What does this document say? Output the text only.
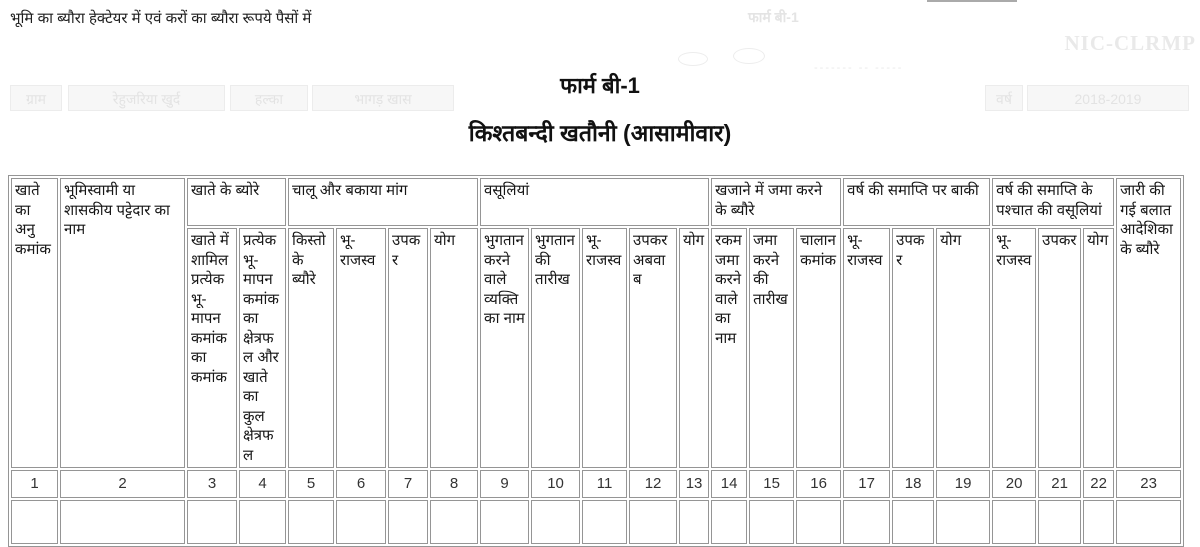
भूमि का ब्यौरा हेक्टेयर में एवं करों का ब्यौरा रूपये पैसों में	फार्म बी-1
NIC-CLRMP
------- -- -----
ग्राम	रेहुजरिया खुर्द	हल्का	भागड़ खास	वर्ष	2018-2019
फार्म बी-1
किश्तबन्दी खतौनी (आसामीवार)
खाते का अनु कमांक	भूमिस्वामी या शासकीय पट्टेदार का नाम	खाते के ब्योरे		चालू और बकाया मांग				वसूलियां					खजाने में जमा करने के ब्यौरे			वर्ष की समाप्ति पर बाकी			वर्ष की समाप्ति के पश्चात की वसूलियां			जारी की गई बलात आदेशिका के ब्यौरे
		खाते में शामिल प्रत्येक भू-मापन कमांक का कमांक	प्रत्येक भू-मापन कमांक का क्षेत्रफल और खाते का कुल क्षेत्रफल	किस्तो के ब्यौरे	भू-राजस्व	उपकर	योग	भुगतान करने वाले व्यक्ति का नाम	भुगतान की तारीख	भू-राजस्व	उपकर अबवाब	योग	रकम जमा करने वाले का नाम	जमा करने की तारीख	चालान कमांक	भू-राजस्व	उपकर	योग	भू-राजस्व	उपकर	योग	
1	2	3	4	5	6	7	8	9	10	11	12	13	14	15	16	17	18	19	20	21	22	23
